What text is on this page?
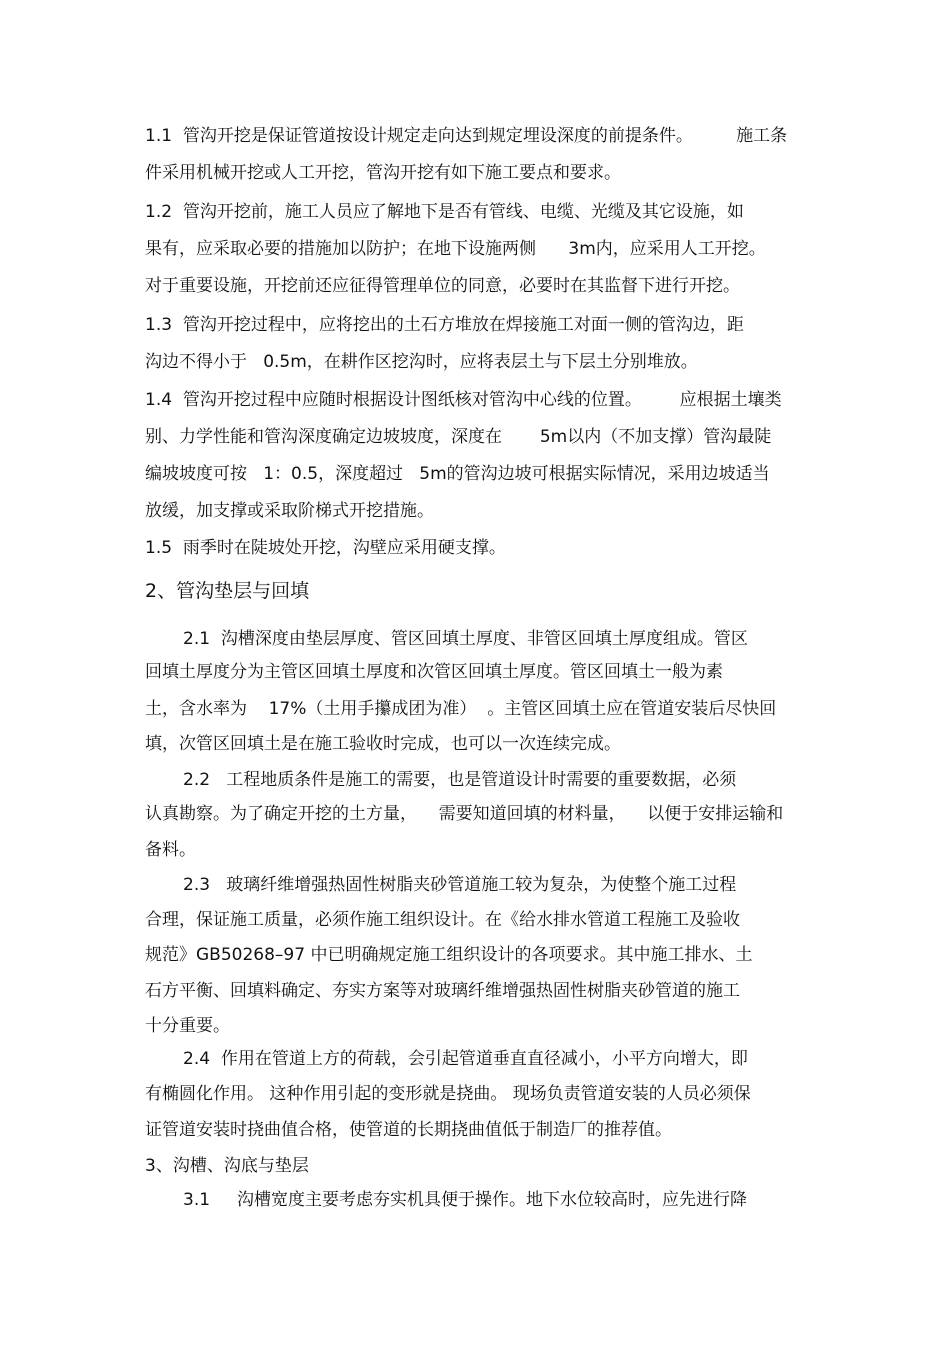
1.1  管沟开挖是保证管道按设计规定走向达到规定埋设深度的前提条件。        施工条
件采用机械开挖或人工开挖，管沟开挖有如下施工要点和要求。
1.2  管沟开挖前，施工人员应了解地下是否有管线、电缆、光缆及其它设施，如
果有，应采取必要的措施加以防护；在地下设施两侧      3m内，应采用人工开挖。
对于重要设施，开挖前还应征得管理单位的同意，必要时在其监督下进行开挖。
1.3  管沟开挖过程中，应将挖出的土石方堆放在焊接施工对面一侧的管沟边，距
沟边不得小于   0.5m，在耕作区挖沟时，应将表层土与下层土分别堆放。
1.4  管沟开挖过程中应随时根据设计图纸核对管沟中心线的位置。       应根据土壤类
别、力学性能和管沟深度确定边坡坡度，深度在       5m以内（不加支撑）管沟最陡
编坡坡度可按   1：0.5，深度超过   5m的管沟边坡可根据实际情况，采用边坡适当
放缓，加支撑或采取阶梯式开挖措施。
1.5  雨季时在陡坡处开挖，沟壁应采用硬支撑。
2、管沟垫层与回填
2.1  沟槽深度由垫层厚度、管区回填土厚度、非管区回填土厚度组成。管区
回填土厚度分为主管区回填土厚度和次管区回填土厚度。管区回填土一般为素
土，含水率为    17%（土用手攥成团为准）  。主管区回填土应在管道安装后尽快回
填，次管区回填土是在施工验收时完成，也可以一次连续完成。
2.2   工程地质条件是施工的需要，也是管道设计时需要的重要数据，必须
认真勘察。为了确定开挖的土方量，    需要知道回填的材料量，    以便于安排运输和
备料。
2.3   玻璃纤维增强热固性树脂夹砂管道施工较为复杂，为使整个施工过程
合理，保证施工质量，必须作施工组织设计。在《给水排水管道工程施工及验收
规范》GB50268–97 中已明确规定施工组织设计的各项要求。其中施工排水、土
石方平衡、回填料确定、夯实方案等对玻璃纤维增强热固性树脂夹砂管道的施工
十分重要。
2.4  作用在管道上方的荷载，会引起管道垂直直径减小，小平方向增大，即
有椭圆化作用。 这种作用引起的变形就是挠曲。 现场负责管道安装的人员必须保
证管道安装时挠曲值合格，使管道的长期挠曲值低于制造厂的推荐值。
3、沟槽、沟底与垫层
3.1     沟槽宽度主要考虑夯实机具便于操作。地下水位较高时，应先进行降
